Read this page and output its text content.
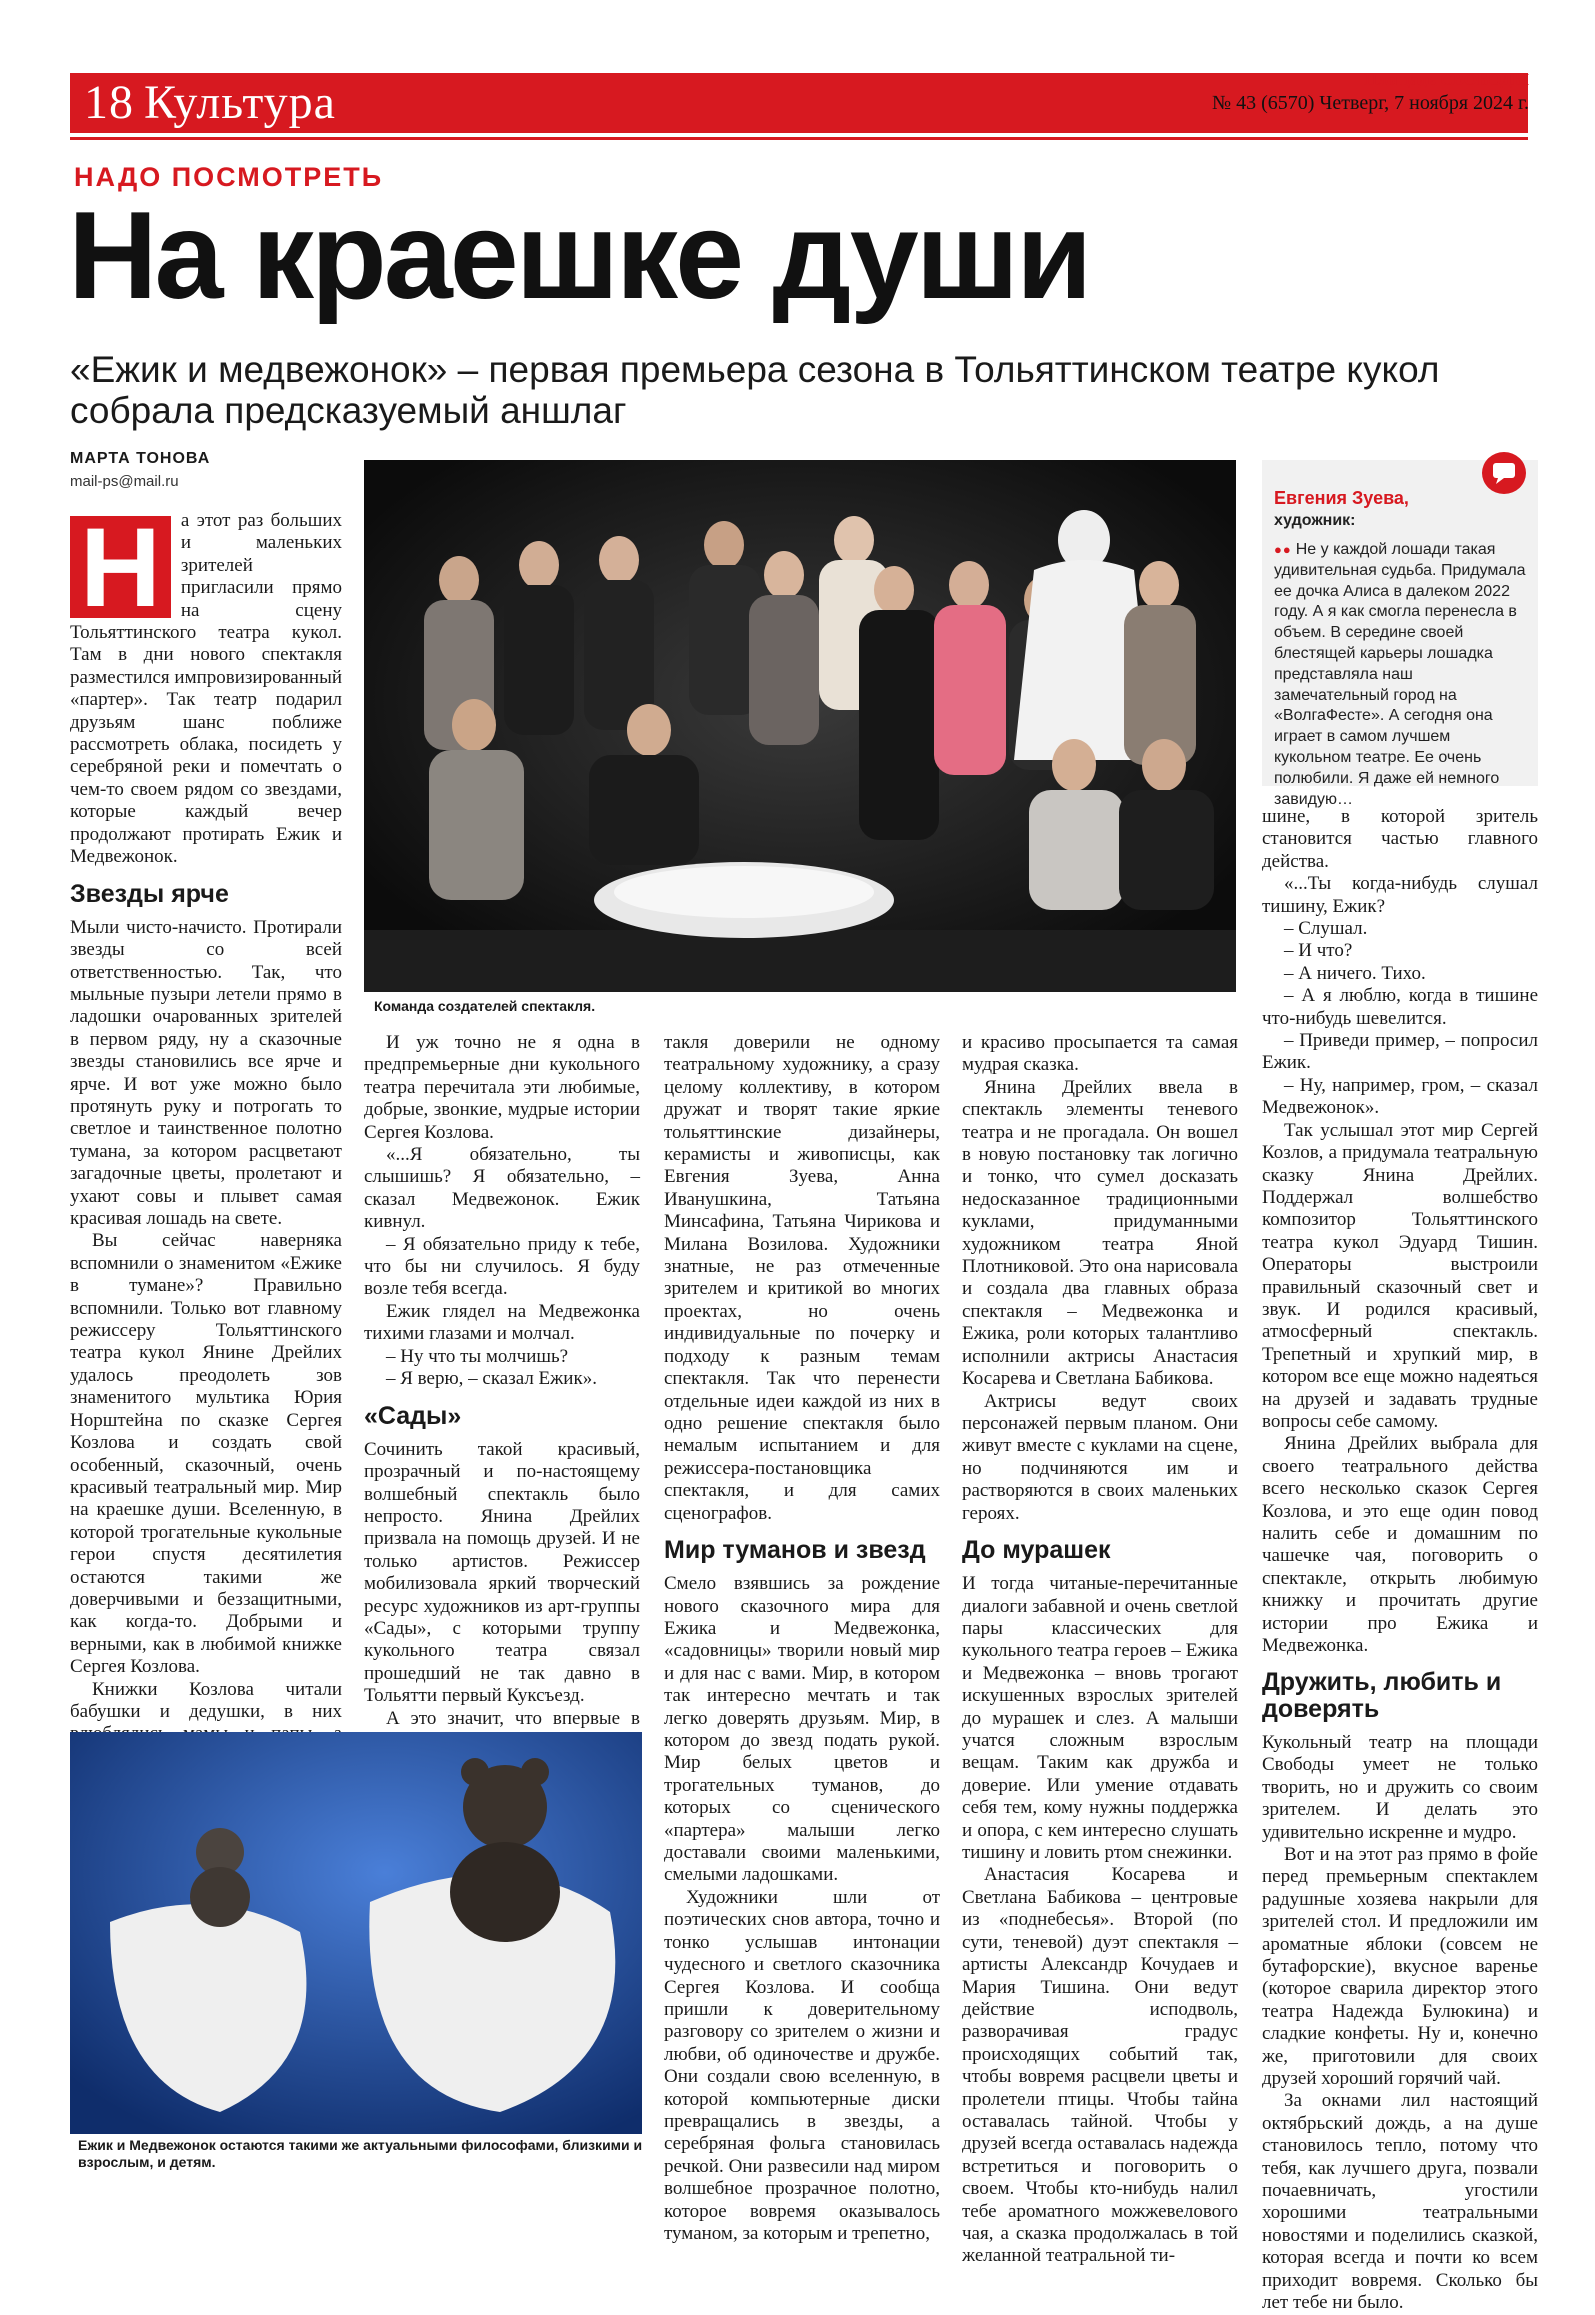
18 Культура	Площадь СВОБОДЫ
№ 43 (6570) Четверг, 7 ноября 2024 г.
НАДО ПОСМОТРЕТЬ
На краешке души
«Ежик и медвежонок» – первая премьера сезона в Тольяттинском театре кукол собрала предсказуемый аншлаг
МАРТА ТОНОВА
mail-ps@mail.ru
Н	а этот раз больших и маленьких зрителей пригласили прямо на сцену Тольяттинского театра кукол. Там в дни нового спектакля разместился импровизированный «партер». Так театр подарил друзьям шанс поближе рассмотреть облака, посидеть у серебряной реки и помечтать о чем-то своем рядом со звездами, которые каждый вечер продолжают протирать Ежик и Медвежонок.

Звезды ярче

Мыли чисто-начисто. Протирали звезды со всей ответственностью. Так, что мыльные пузыри летели прямо в ладошки очарованных зрителей в первом ряду, ну а сказочные звезды становились все ярче и ярче. И вот уже можно было протянуть руку и потрогать то светлое и таинственное полотно тумана, за котором расцветают загадочные цветы, пролетают и ухают совы и плывет самая красивая лошадь на свете.

Вы сейчас наверняка вспомнили о знаменитом «Ежике в тумане»? Правильно вспомнили. Только вот главному режиссеру Тольяттинского театра кукол Янине Дрейлих удалось преодолеть зов знаменитого мультика Юрия Норштейна по сказке Сергея Козлова и создать свой особенный, сказочный, очень красивый театральный мир. Мир на краешке души. Вселенную, в которой трогательные кукольные герои спустя десятилетия остаются такими же доверчивыми и беззащитными, как когда-то. Добрыми и верными, как в любимой книжке Сергея Козлова.

Книжки Козлова читали бабушки и дедушки, в них

Команда создателей спектакля.
Евгения Зуева,
художник:
●● Не у каждой лошади такая удивительная судьба. Придумала ее дочка Алиса в далеком 2022 году. А я как смогла перенесла в объем. В середине своей блестящей карьеры лошадка представляла наш замечательный город на «ВолгаФесте». А сегодня она играет в самом лучшем кукольном театре. Ее очень полюбили. Я даже ей немного завидую…

И уж точно не я одна в предпремьерные дни кукольного театра перечитала эти любимые, добрые, звонкие, мудрые истории Сергея Козлова.

«...Я обязательно, ты слышишь? Я обязательно, – сказал Медвежонок. Ежик кивнул.

– Я обязательно приду к тебе, что бы ни случилось. Я буду возле тебя всегда.

Ежик глядел на Медвежонка тихими глазами и молчал.

– Ну что ты молчишь?

– Я верю, – сказал Ежик».

«Сады»

Сочинить такой красивый, прозрачный и по-настоящему волшебный спектакль было непросто. Янина Дрейлих призвала на помощь друзей. И не только артистов. Режиссер мобилизовала яркий творческий ресурс художников из арт-группы «Сады», с которыми труппу кукольного театра связал прошедший не так давно в Тольятти первый Куксъезд.

А это значит, что впервые в

Ежик и Медвежонок остаются такими же актуальными философами, близкими и взрослым, и детям.

такля доверили не одному театральному художнику, а сразу целому коллективу, в котором дружат и творят такие яркие тольяттинские дизайнеры, керамисты и живописцы, как Евгения Зуева, Анна Иванушкина, Татьяна Минсафина, Татьяна Чирикова и Милана Возилова. Художники знатные, не раз отмеченные зрителем и критикой во многих проектах, но очень индивидуальные по почерку и подходу к разным темам спектакля. Так что перенести отдельные идеи каждой из них в одно решение спектакля было немалым испытанием и для режиссера-постановщика спектакля, и для самих сценографов.

Мир туманов и звезд

Смело взявшись за рождение нового сказочного мира для Ежика и Медвежонка, «садовницы» творили новый мир и для нас с вами. Мир, в котором так интересно мечтать и так легко доверять друзьям. Мир, в котором до звезд подать рукой. Мир белых цветов и трогательных туманов, до которых со сценического «партера» малыши легко доставали своими маленькими, смелыми ладошками.

Художники шли от поэтических снов автора, точно и тонко услышав интонации чудесного и светлого сказочника Сергея Козлова. И сообща пришли к доверительному разговору со зрителем о жизни и любви, об одиночестве и дружбе. Они создали свою вселенную, в которой компьютерные диски превращались в звезды, а серебряная фольга становилась речкой. Они развесили над миром волшебное прозрачное полотно, которое вовремя оказывалось туманом, за которым и трепетно,

и красиво просыпается та самая мудрая сказка.

Янина Дрейлих ввела в спектакль элементы теневого театра и не прогадала. Он вошел в новую постановку так логично и тонко, что сумел досказать недосказанное традиционными куклами, придуманными художником театра Яной Плотниковой. Это она нарисовала и создала два главных образа спектакля – Медвежонка и Ежика, роли которых талантливо исполнили актрисы Анастасия Косарева и Светлана Бабикова.

Актрисы ведут своих персонажей первым планом. Они живут вместе с куклами на сцене, но подчиняются им и растворяются в своих маленьких героях.

До мурашек

И тогда читаные-перечитанные диалоги забавной и очень светлой пары классических для кукольного театра героев – Ежика и Медвежонка – вновь трогают искушенных взрослых зрителей до мурашек и слез. А малыши учатся сложным взрослым вещам. Таким как дружба и доверие. Или умение отдавать себя тем, кому нужны поддержка и опора, с кем интересно слушать тишину и ловить ртом снежинки.

Анастасия Косарева и Светлана Бабикова – центровые из «поднебесья». Второй (по сути, теневой) дуэт спектакля – артисты Александр Кочудаев и Мария Тишина. Они ведут действие исподволь, разворачивая градус происходящих событий так, чтобы вовремя расцвели цветы и пролетели птицы. Чтобы тайна оставалась тайной. Чтобы у друзей всегда оставалась надежда встретиться и поговорить о своем. Чтобы кто-нибудь налил тебе ароматного можжевелового чая, а сказка продолжалась в той желанной театральной ти-

шине, в которой зритель становится частью главного действа.

«...Ты когда-нибудь слушал тишину, Ежик?

– Слушал.

– И что?

– А ничего. Тихо.

– А я люблю, когда в тишине что-нибудь шевелится.

– Приведи пример, – попросил Ежик.

– Ну, например, гром, – сказал Медвежонок».

Так услышал этот мир Сергей Козлов, а придумала театральную сказку Янина Дрейлих. Поддержал волшебство композитор Тольяттинского театра кукол Эдуард Тишин. Операторы выстроили правильный сказочный свет и звук. И родился красивый, атмосферный спектакль. Трепетный и хрупкий мир, в котором все еще можно надеяться на друзей и задавать трудные вопросы себе самому.

Янина Дрейлих выбрала для своего театрального действа всего несколько сказок Сергея Козлова, и это еще один повод налить себе и домашним по чашечке чая, поговорить о спектакле, открыть любимую книжку и прочитать другие истории про Ежика и Медвежонка.

Дружить, любить и доверять

Кукольный театр на площади Свободы умеет не только творить, но и дружить со своим зрителем. И делать это удивительно искренне и мудро.

Вот и на этот раз прямо в фойе перед премьерным спектаклем радушные хозяева накрыли для зрителей стол. И предложили им ароматные яблоки (совсем не бутафорские), вкусное варенье (которое сварила директор этого театра Надежда Булюкина) и сладкие конфеты. Ну и, конечно же, приготовили для своих друзей хороший горячий чай.

За окнами лил настоящий октябрьский дождь, а на душе становилось тепло, потому что тебя, как лучшего друга, позвали почаевничать, угостили хорошими театральными новостями и поделились сказкой, которая всегда и почти ко всем приходит вовремя. Сколько бы лет тебе ни было.
